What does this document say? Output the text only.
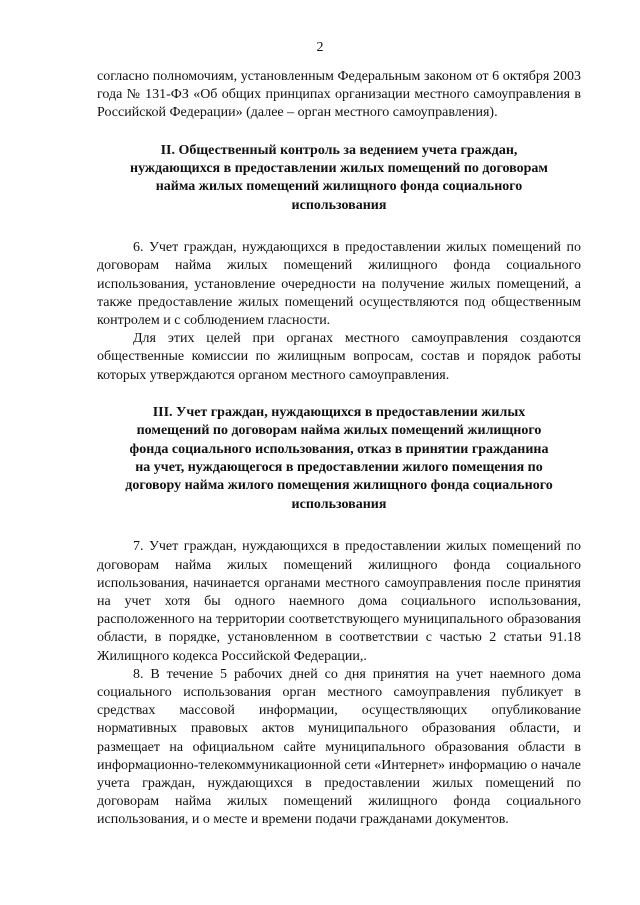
2

согласно полномочиям, установленным Федеральным законом от 6 октября 2003 года № 131-ФЗ «Об общих принципах организации местного самоуправления в Российской Федерации» (далее – орган местного самоуправления).

II. Общественный контроль за ведением учета граждан, нуждающихся в предоставлении жилых помещений по договорам найма жилых помещений жилищного фонда социального использования

6. Учет граждан, нуждающихся в предоставлении жилых помещений по договорам найма жилых помещений жилищного фонда социального использования, установление очередности на получение жилых помещений, а также предоставление жилых помещений осуществляются под общественным контролем и с соблюдением гласности.

Для этих целей при органах местного самоуправления создаются общественные комиссии по жилищным вопросам, состав и порядок работы которых утверждаются органом местного самоуправления.

III. Учет граждан, нуждающихся в предоставлении жилых помещений по договорам найма жилых помещений жилищного фонда социального использования, отказ в принятии гражданина на учет, нуждающегося в предоставлении жилого помещения по договору найма жилого помещения жилищного фонда социального использования

7. Учет граждан, нуждающихся в предоставлении жилых помещений по договорам найма жилых помещений жилищного фонда социального использования, начинается органами местного самоуправления после принятия на учет хотя бы одного наемного дома социального использования, расположенного на территории соответствующего муниципального образования области, в порядке, установленном в соответствии с частью 2 статьи 91.18 Жилищного кодекса Российской Федерации,.

8. В течение 5 рабочих дней со дня принятия на учет наемного дома социального использования орган местного самоуправления публикует в средствах массовой информации, осуществляющих опубликование нормативных правовых актов муниципального образования области, и размещает на официальном сайте муниципального образования области в информационно-телекоммуникационной сети «Интернет» информацию о начале учета граждан, нуждающихся в предоставлении жилых помещений по договорам найма жилых помещений жилищного фонда социального использования, и о месте и времени подачи гражданами документов.
